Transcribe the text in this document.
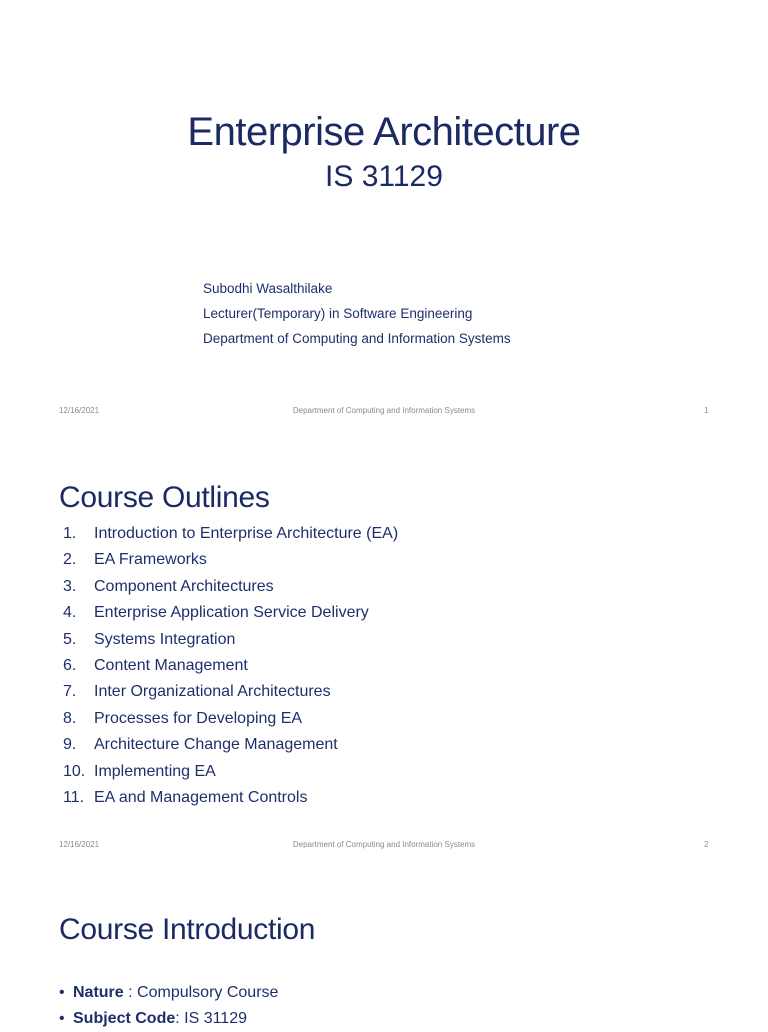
Enterprise Architecture
IS 31129
Subodhi Wasalthilake
Lecturer(Temporary) in Software Engineering
Department of Computing and Information Systems
12/16/2021	Department of Computing and Information Systems	1
Course Outlines
1. Introduction to Enterprise Architecture (EA)
2. EA Frameworks
3. Component Architectures
4. Enterprise Application Service Delivery
5. Systems Integration
6. Content Management
7. Inter Organizational Architectures
8. Processes for Developing EA
9. Architecture Change Management
10. Implementing EA
11. EA and Management Controls
12/16/2021	Department of Computing and Information Systems	2
Course Introduction
• Nature : Compulsory Course
• Subject Code: IS 31129
